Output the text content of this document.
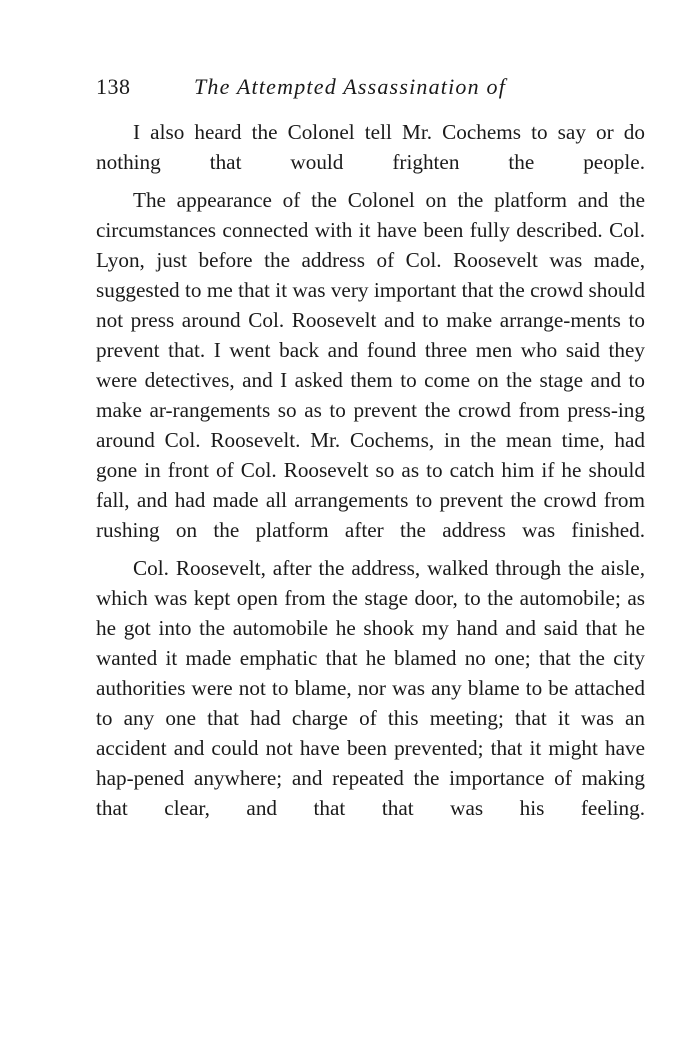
138	The Attempted Assassination of

I also heard the Colonel tell Mr. Cochems to say or do nothing that would frighten the people.

The appearance of the Colonel on the platform and the circumstances connected with it have been fully described. Col. Lyon, just before the address of Col. Roosevelt was made, suggested to me that it was very important that the crowd should not press around Col. Roosevelt and to make arrange-ments to prevent that. I went back and found three men who said they were detectives, and I asked them to come on the stage and to make ar-rangements so as to prevent the crowd from press-ing around Col. Roosevelt. Mr. Cochems, in the mean time, had gone in front of Col. Roosevelt so as to catch him if he should fall, and had made all arrangements to prevent the crowd from rushing on the platform after the address was finished.

Col. Roosevelt, after the address, walked through the aisle, which was kept open from the stage door, to the automobile; as he got into the automobile he shook my hand and said that he wanted it made emphatic that he blamed no one; that the city authorities were not to blame, nor was any blame to be attached to any one that had charge of this meeting; that it was an accident and could not have been prevented; that it might have hap-pened anywhere; and repeated the importance of making that clear, and that that was his feeling.
